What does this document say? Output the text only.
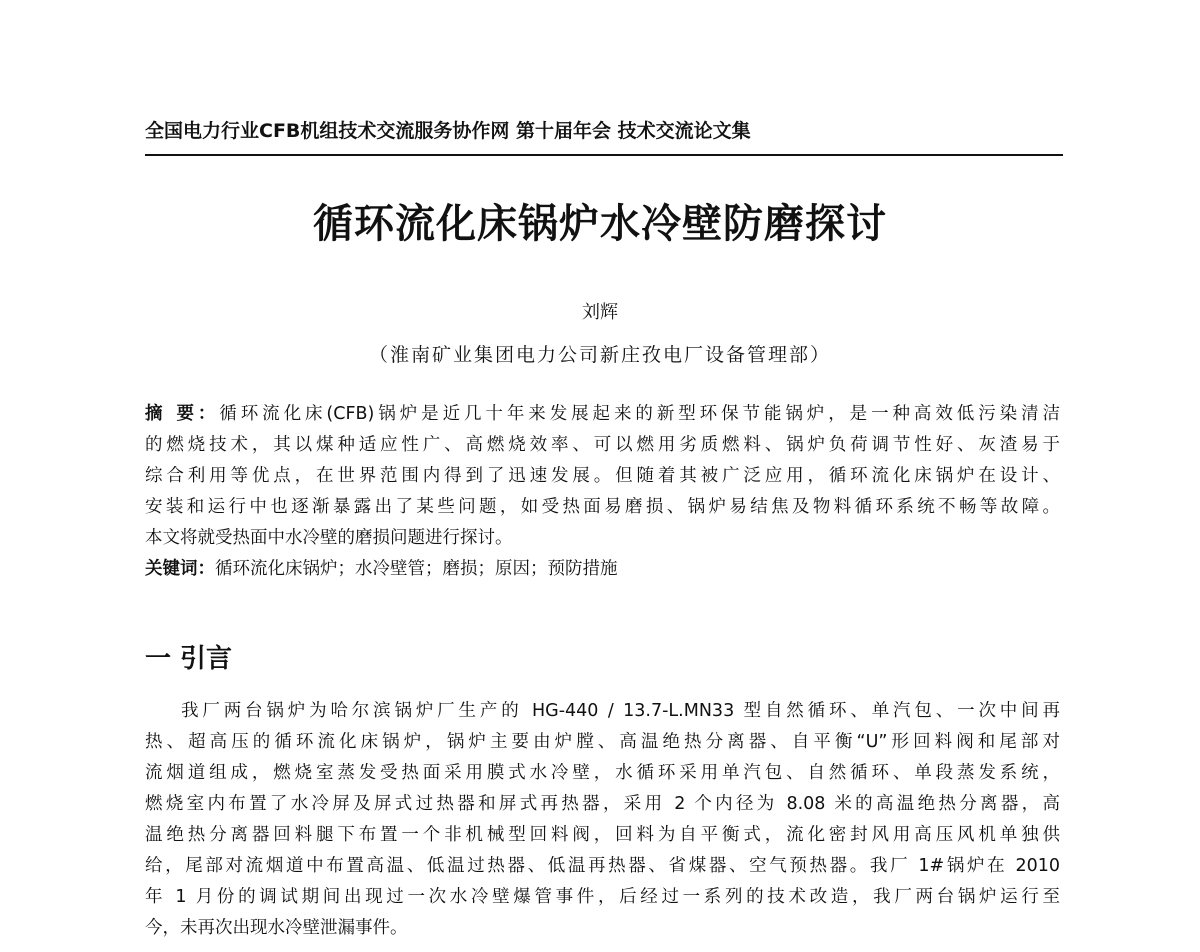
全国电力行业CFB机组技术交流服务协作网 第十届年会 技术交流论文集
循环流化床锅炉水冷壁防磨探讨
刘辉
（淮南矿业集团电力公司新庄孜电厂设备管理部）
摘 要：循环流化床(CFB)锅炉是近几十年来发展起来的新型环保节能锅炉，是一种高效低污染清洁
的燃烧技术，其以煤种适应性广、高燃烧效率、可以燃用劣质燃料、锅炉负荷调节性好、灰渣易于
综合利用等优点，在世界范围内得到了迅速发展。但随着其被广泛应用，循环流化床锅炉在设计、
安装和运行中也逐渐暴露出了某些问题，如受热面易磨损、锅炉易结焦及物料循环系统不畅等故障。
本文将就受热面中水冷壁的磨损问题进行探讨。
关键词：循环流化床锅炉；水冷壁管；磨损；原因；预防措施
一 引言
我厂两台锅炉为哈尔滨锅炉厂生产的 HG-440 / 13.7-L.MN33 型自然循环、单汽包、一次中间再
热、超高压的循环流化床锅炉，锅炉主要由炉膛、高温绝热分离器、自平衡“U”形回料阀和尾部对
流烟道组成，燃烧室蒸发受热面采用膜式水冷壁，水循环采用单汽包、自然循环、单段蒸发系统，
燃烧室内布置了水冷屏及屏式过热器和屏式再热器，采用 2 个内径为 8.08 米的高温绝热分离器，高
温绝热分离器回料腿下布置一个非机械型回料阀，回料为自平衡式，流化密封风用高压风机单独供
给，尾部对流烟道中布置高温、低温过热器、低温再热器、省煤器、空气预热器。我厂 1#锅炉在 2010
年 1 月份的调试期间出现过一次水冷壁爆管事件，后经过一系列的技术改造，我厂两台锅炉运行至
今，未再次出现水冷壁泄漏事件。
